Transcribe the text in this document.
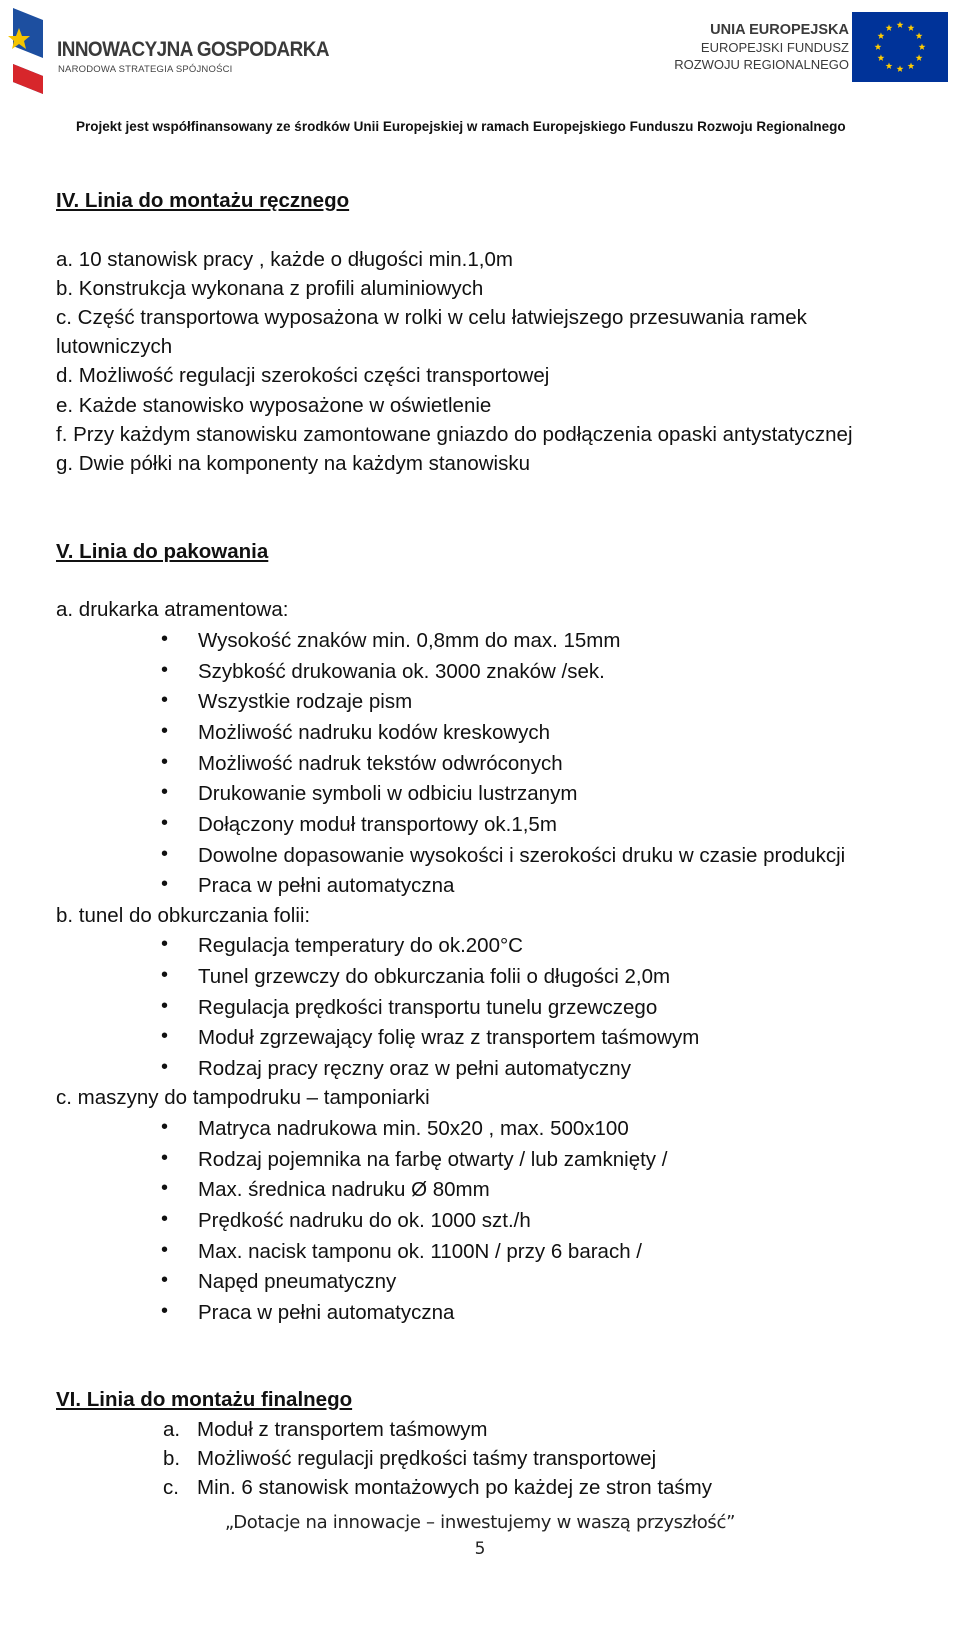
INNOWACYJNA GOSPODARKA
NARODOWA STRATEGIA SPÓJNOŚCI
UNIA EUROPEJSKA
EUROPEJSKI FUNDUSZ
ROZWOJU REGIONALNEGO
Projekt jest współfinansowany ze środków Unii Europejskiej w ramach Europejskiego Funduszu Rozwoju Regionalnego
IV. Linia do montażu ręcznego
a. 10 stanowisk pracy , każde o długości min.1,0m
b. Konstrukcja wykonana z profili aluminiowych
c. Część transportowa wyposażona w rolki w celu łatwiejszego przesuwania ramek
lutowniczych
d. Możliwość regulacji szerokości części transportowej
e. Każde stanowisko wyposażone w oświetlenie
f. Przy każdym stanowisku zamontowane gniazdo do podłączenia opaski antystatycznej
g. Dwie półki na komponenty na każdym stanowisku
V. Linia do pakowania
a. drukarka atramentowa:
• Wysokość znaków min. 0,8mm do max. 15mm
• Szybkość drukowania ok. 3000 znaków /sek.
• Wszystkie rodzaje pism
• Możliwość nadruku kodów kreskowych
• Możliwość nadruk tekstów odwróconych
• Drukowanie symboli w odbiciu lustrzanym
• Dołączony moduł transportowy ok.1,5m
• Dowolne dopasowanie wysokości i szerokości druku w czasie produkcji
• Praca w pełni automatyczna
b. tunel do obkurczania folii:
• Regulacja temperatury do ok.200°C
• Tunel grzewczy do obkurczania folii o długości 2,0m
• Regulacja prędkości transportu tunelu grzewczego
• Moduł zgrzewający folię wraz z transportem taśmowym
• Rodzaj pracy ręczny oraz w pełni automatyczny
c. maszyny do tampodruku – tamponiarki
• Matryca nadrukowa min. 50x20 , max. 500x100
• Rodzaj pojemnika na farbę otwarty / lub zamknięty /
• Max. średnica nadruku Ø 80mm
• Prędkość nadruku do ok. 1000 szt./h
• Max. nacisk tamponu ok. 1100N / przy 6 barach /
• Napęd pneumatyczny
• Praca w pełni automatyczna
VI. Linia do montażu finalnego
a. Moduł z transportem taśmowym
b. Możliwość regulacji prędkości taśmy transportowej
c. Min. 6 stanowisk montażowych po każdej ze stron taśmy
„Dotacje na innowacje – inwestujemy w waszą przyszłość”
5
